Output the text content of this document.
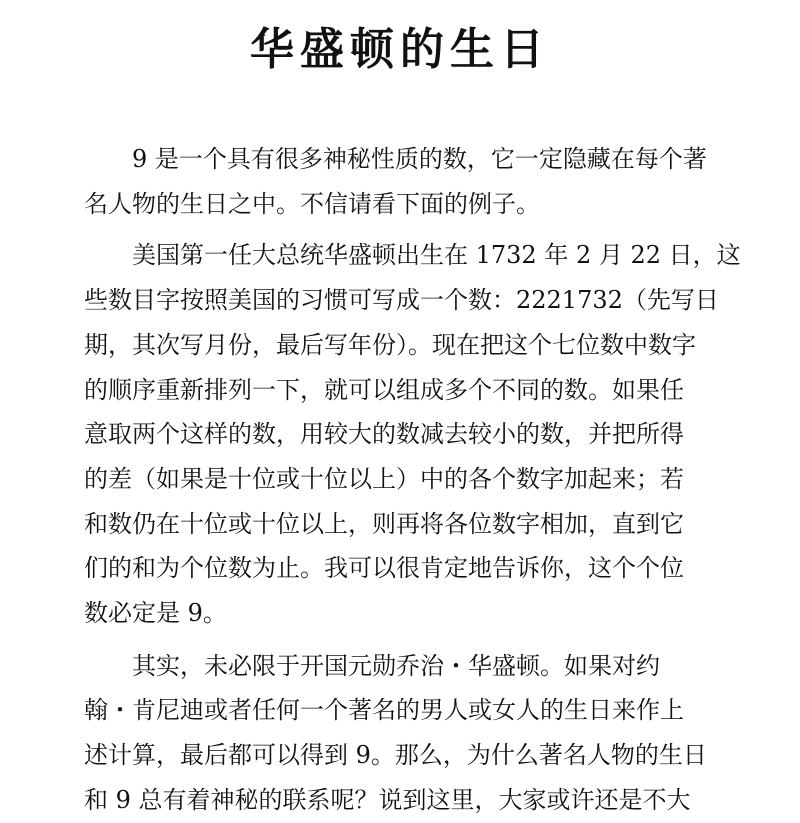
华盛顿的生日

9 是一个具有很多神秘性质的数，它一定隐藏在每个著
名人物的生日之中。不信请看下面的例子。

美国第一任大总统华盛顿出生在 1732 年 2 月 22 日，这
些数目字按照美国的习惯可写成一个数：2221732（先写日
期，其次写月份，最后写年份）。现在把这个七位数中数字
的顺序重新排列一下，就可以组成多个不同的数。如果任
意取两个这样的数，用较大的数减去较小的数，并把所得
的差（如果是十位或十位以上）中的各个数字加起来；若
和数仍在十位或十位以上，则再将各位数字相加，直到它
们的和为个位数为止。我可以很肯定地告诉你，这个个位
数必定是 9。

其实，未必限于开国元勋乔治・华盛顿。如果对约
翰・肯尼迪或者任何一个著名的男人或女人的生日来作上
述计算，最后都可以得到 9。那么，为什么著名人物的生日
和 9 总有着神秘的联系呢？说到这里，大家或许还是不大
